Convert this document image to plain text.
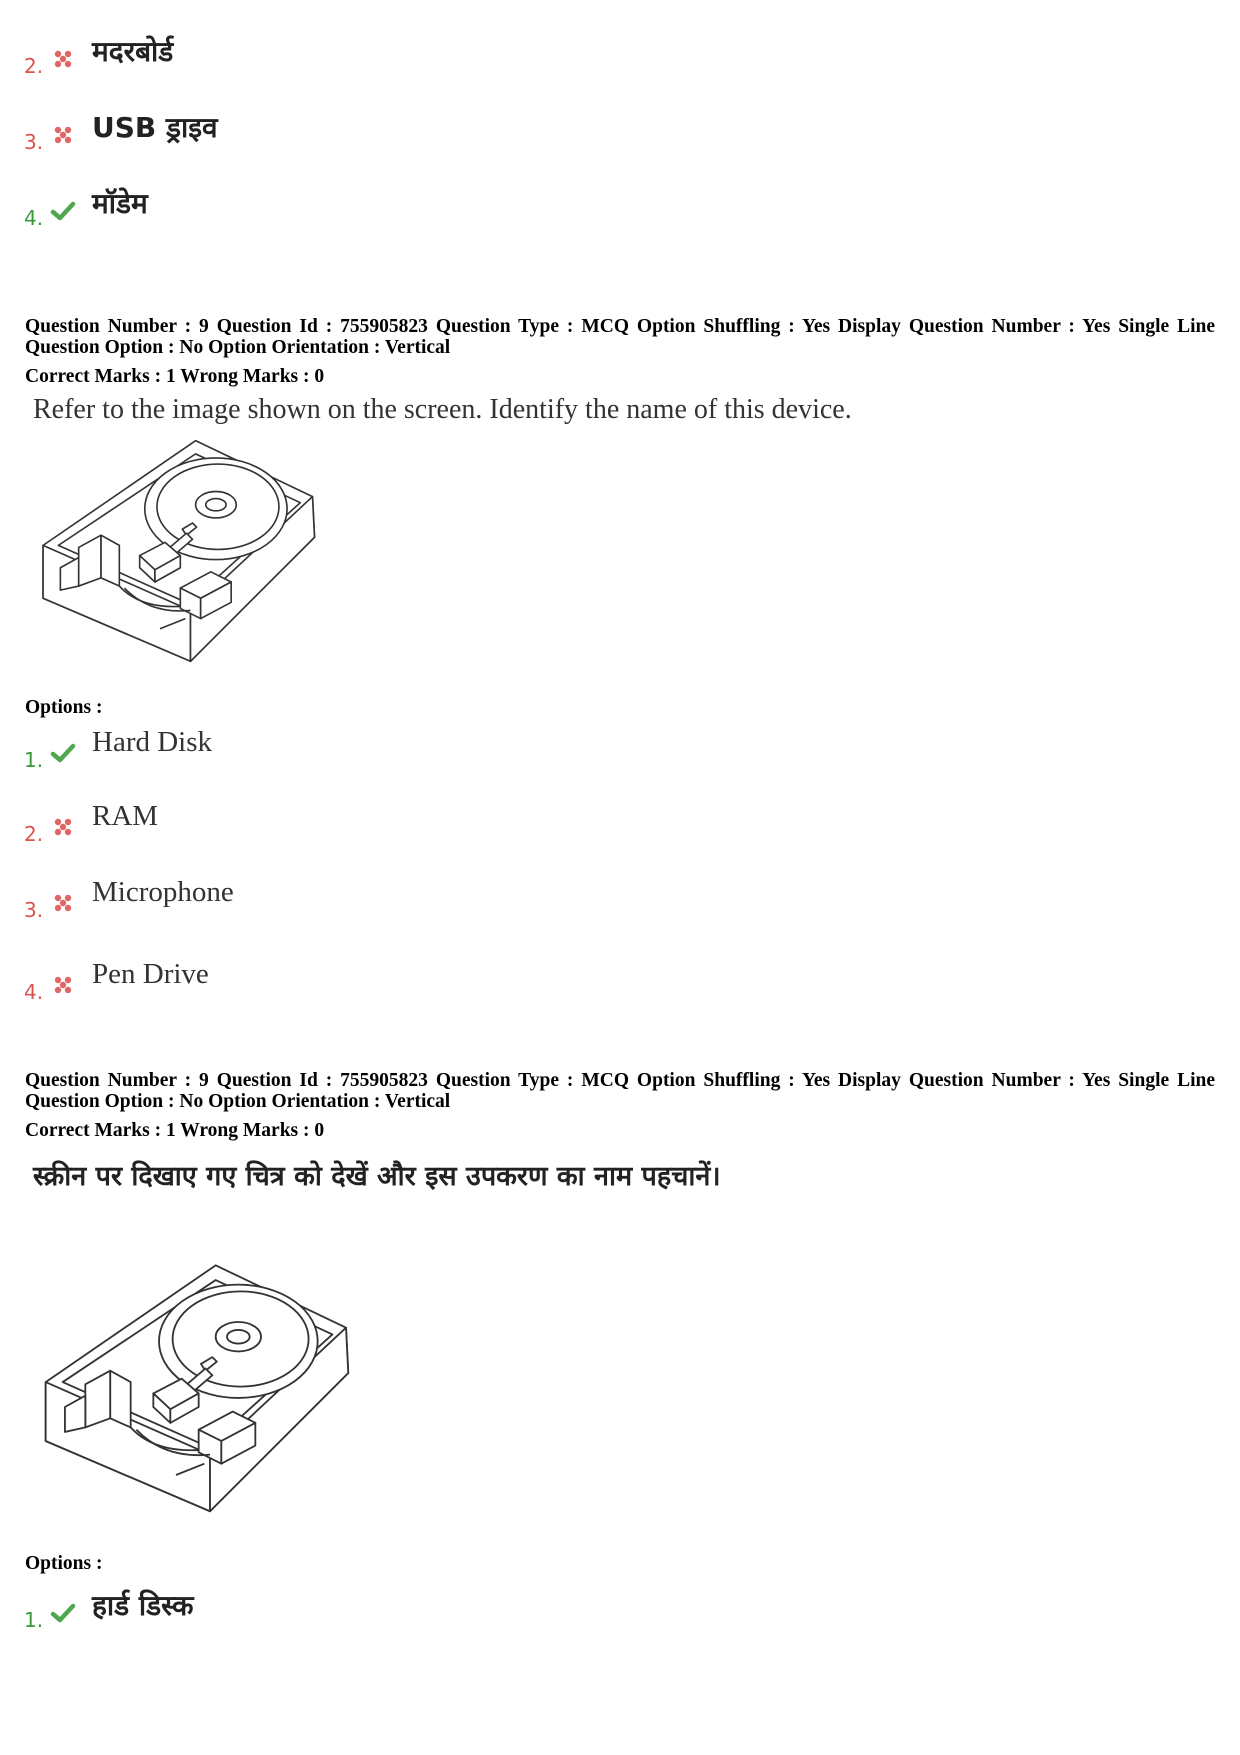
2. मदरबोर्ड
3. USB ड्राइव
4. मॉडेम
Question Number : 9 Question Id : 755905823 Question Type : MCQ Option Shuffling : Yes Display Question Number : Yes Single Line Question Option : No Option Orientation : Vertical
Correct Marks : 1 Wrong Marks : 0
Refer to the image shown on the screen. Identify the name of this device.
Options :
1.
Hard Disk
2.
RAM
3.
Microphone
4.
Pen Drive
Question Number : 9 Question Id : 755905823 Question Type : MCQ Option Shuffling : Yes Display Question Number : Yes Single Line Question Option : No Option Orientation : Vertical
Correct Marks : 1 Wrong Marks : 0
स्क्रीन पर दिखाए गए चित्र को देखें और इस उपकरण का नाम पहचानें।
Options :
1. हार्ड डिस्क
